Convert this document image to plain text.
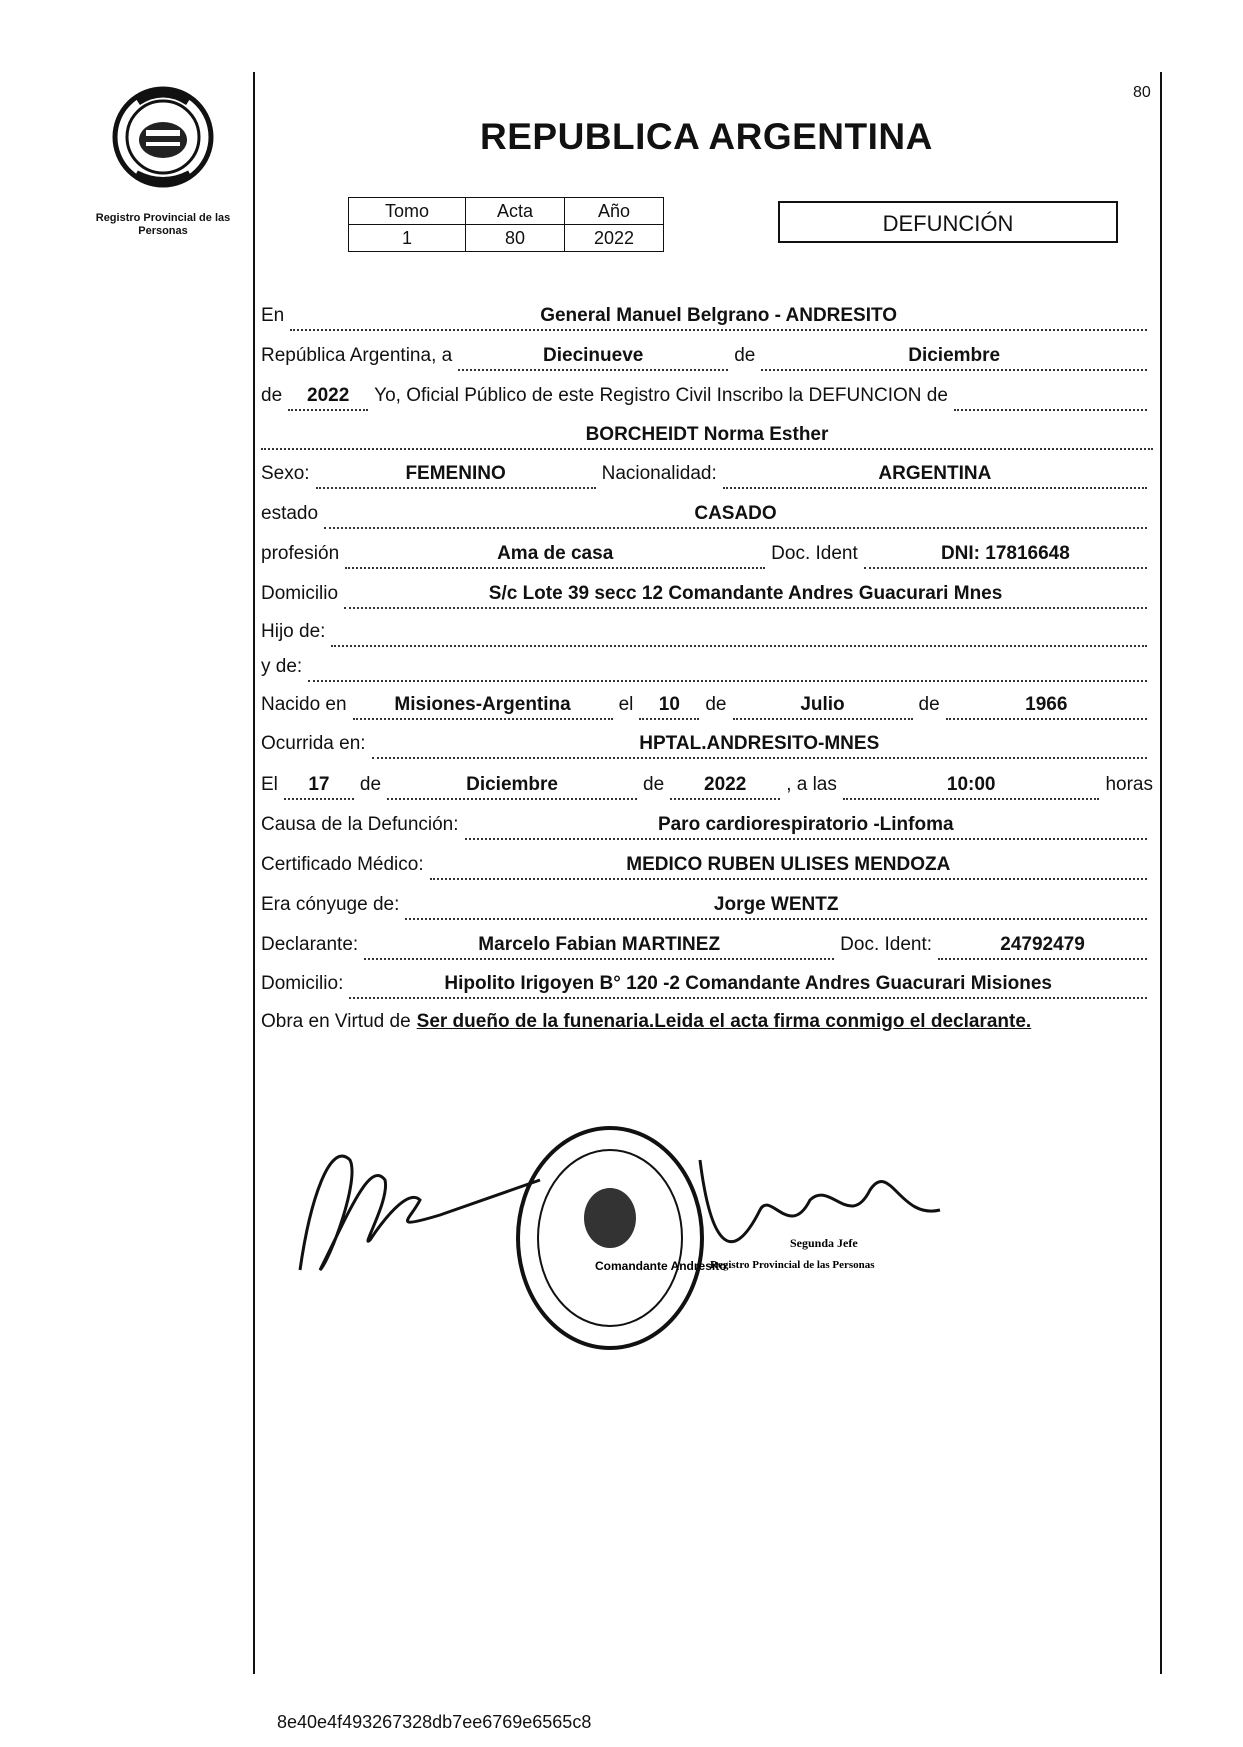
Registro Provincial de las Personas
80
REPUBLICA ARGENTINA
Tomo	Acta	Año
1	80	2022
DEFUNCIÓN
En	General Manuel Belgrano - ANDRESITO
República Argentina, a	Diecinueve	de	Diciembre
de	2022	Yo, Oficial Público de este Registro Civil Inscribo la DEFUNCION de
BORCHEIDT Norma Esther
Sexo:	FEMENINO	Nacionalidad:	ARGENTINA
estado	CASADO
profesión	Ama de casa	Doc. Ident	DNI: 17816648
Domicilio	S/c Lote 39 secc 12 Comandante Andres Guacurari Mnes
Hijo de:
y de:
Nacido en	Misiones-Argentina	el	10	de	Julio	de	1966
Ocurrida en:	HPTAL.ANDRESITO-MNES
El	17	de	Diciembre	de	2022	, a las	10:00	horas
Causa de la Defunción:	Paro cardiorespiratorio -Linfoma
Certificado Médico:	MEDICO RUBEN ULISES MENDOZA
Era cónyuge de:	Jorge WENTZ
Declarante:	Marcelo Fabian MARTINEZ	Doc. Ident:	24792479
Domicilio:	Hipolito Irigoyen B° 120 -2 Comandante Andres Guacurari Misiones
Obra en Virtud de Ser dueño de la funenaria.Leida el acta firma conmigo el declarante.
Comandante Andresito
Segunda Jefe
Registro Provincial de las Personas
8e40e4f493267328db7ee6769e6565c8
